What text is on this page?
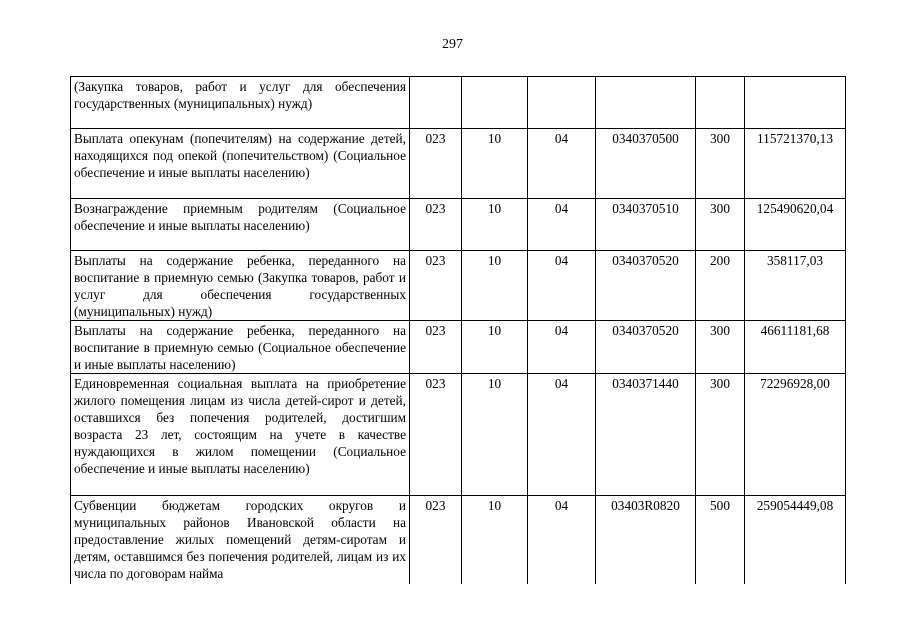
297
(Закупка товаров, работ и услуг для обеспечения государственных (муниципальных) нужд)						
Выплата опекунам (попечителям) на содержание детей, находящихся под опекой (попечительством) (Социальное обеспечение и иные выплаты населению)	023	10	04	0340370500	300	115721370,13
Вознаграждение приемным родителям (Социальное обеспечение и иные выплаты населению)	023	10	04	0340370510	300	125490620,04
Выплаты на содержание ребенка, переданного на воспитание в приемную семью (Закупка товаров, работ и услуг для обеспечения государственных (муниципальных) нужд)	023	10	04	0340370520	200	358117,03
Выплаты на содержание ребенка, переданного на воспитание в приемную семью (Социальное обеспечение и иные выплаты населению)	023	10	04	0340370520	300	46611181,68
Единовременная социальная выплата на приобретение жилого помещения лицам из числа детей-сирот и детей, оставшихся без попечения родителей, достигшим возраста 23 лет, состоящим на учете в качестве нуждающихся в жилом помещении (Социальное обеспечение и иные выплаты населению)	023	10	04	0340371440	300	72296928,00
Субвенции бюджетам городских округов и муниципальных районов Ивановской области на предоставление жилых помещений детям-сиротам и детям, оставшимся без попечения родителей, лицам из их числа по договорам найма	023	10	04	03403R0820	500	259054449,08
